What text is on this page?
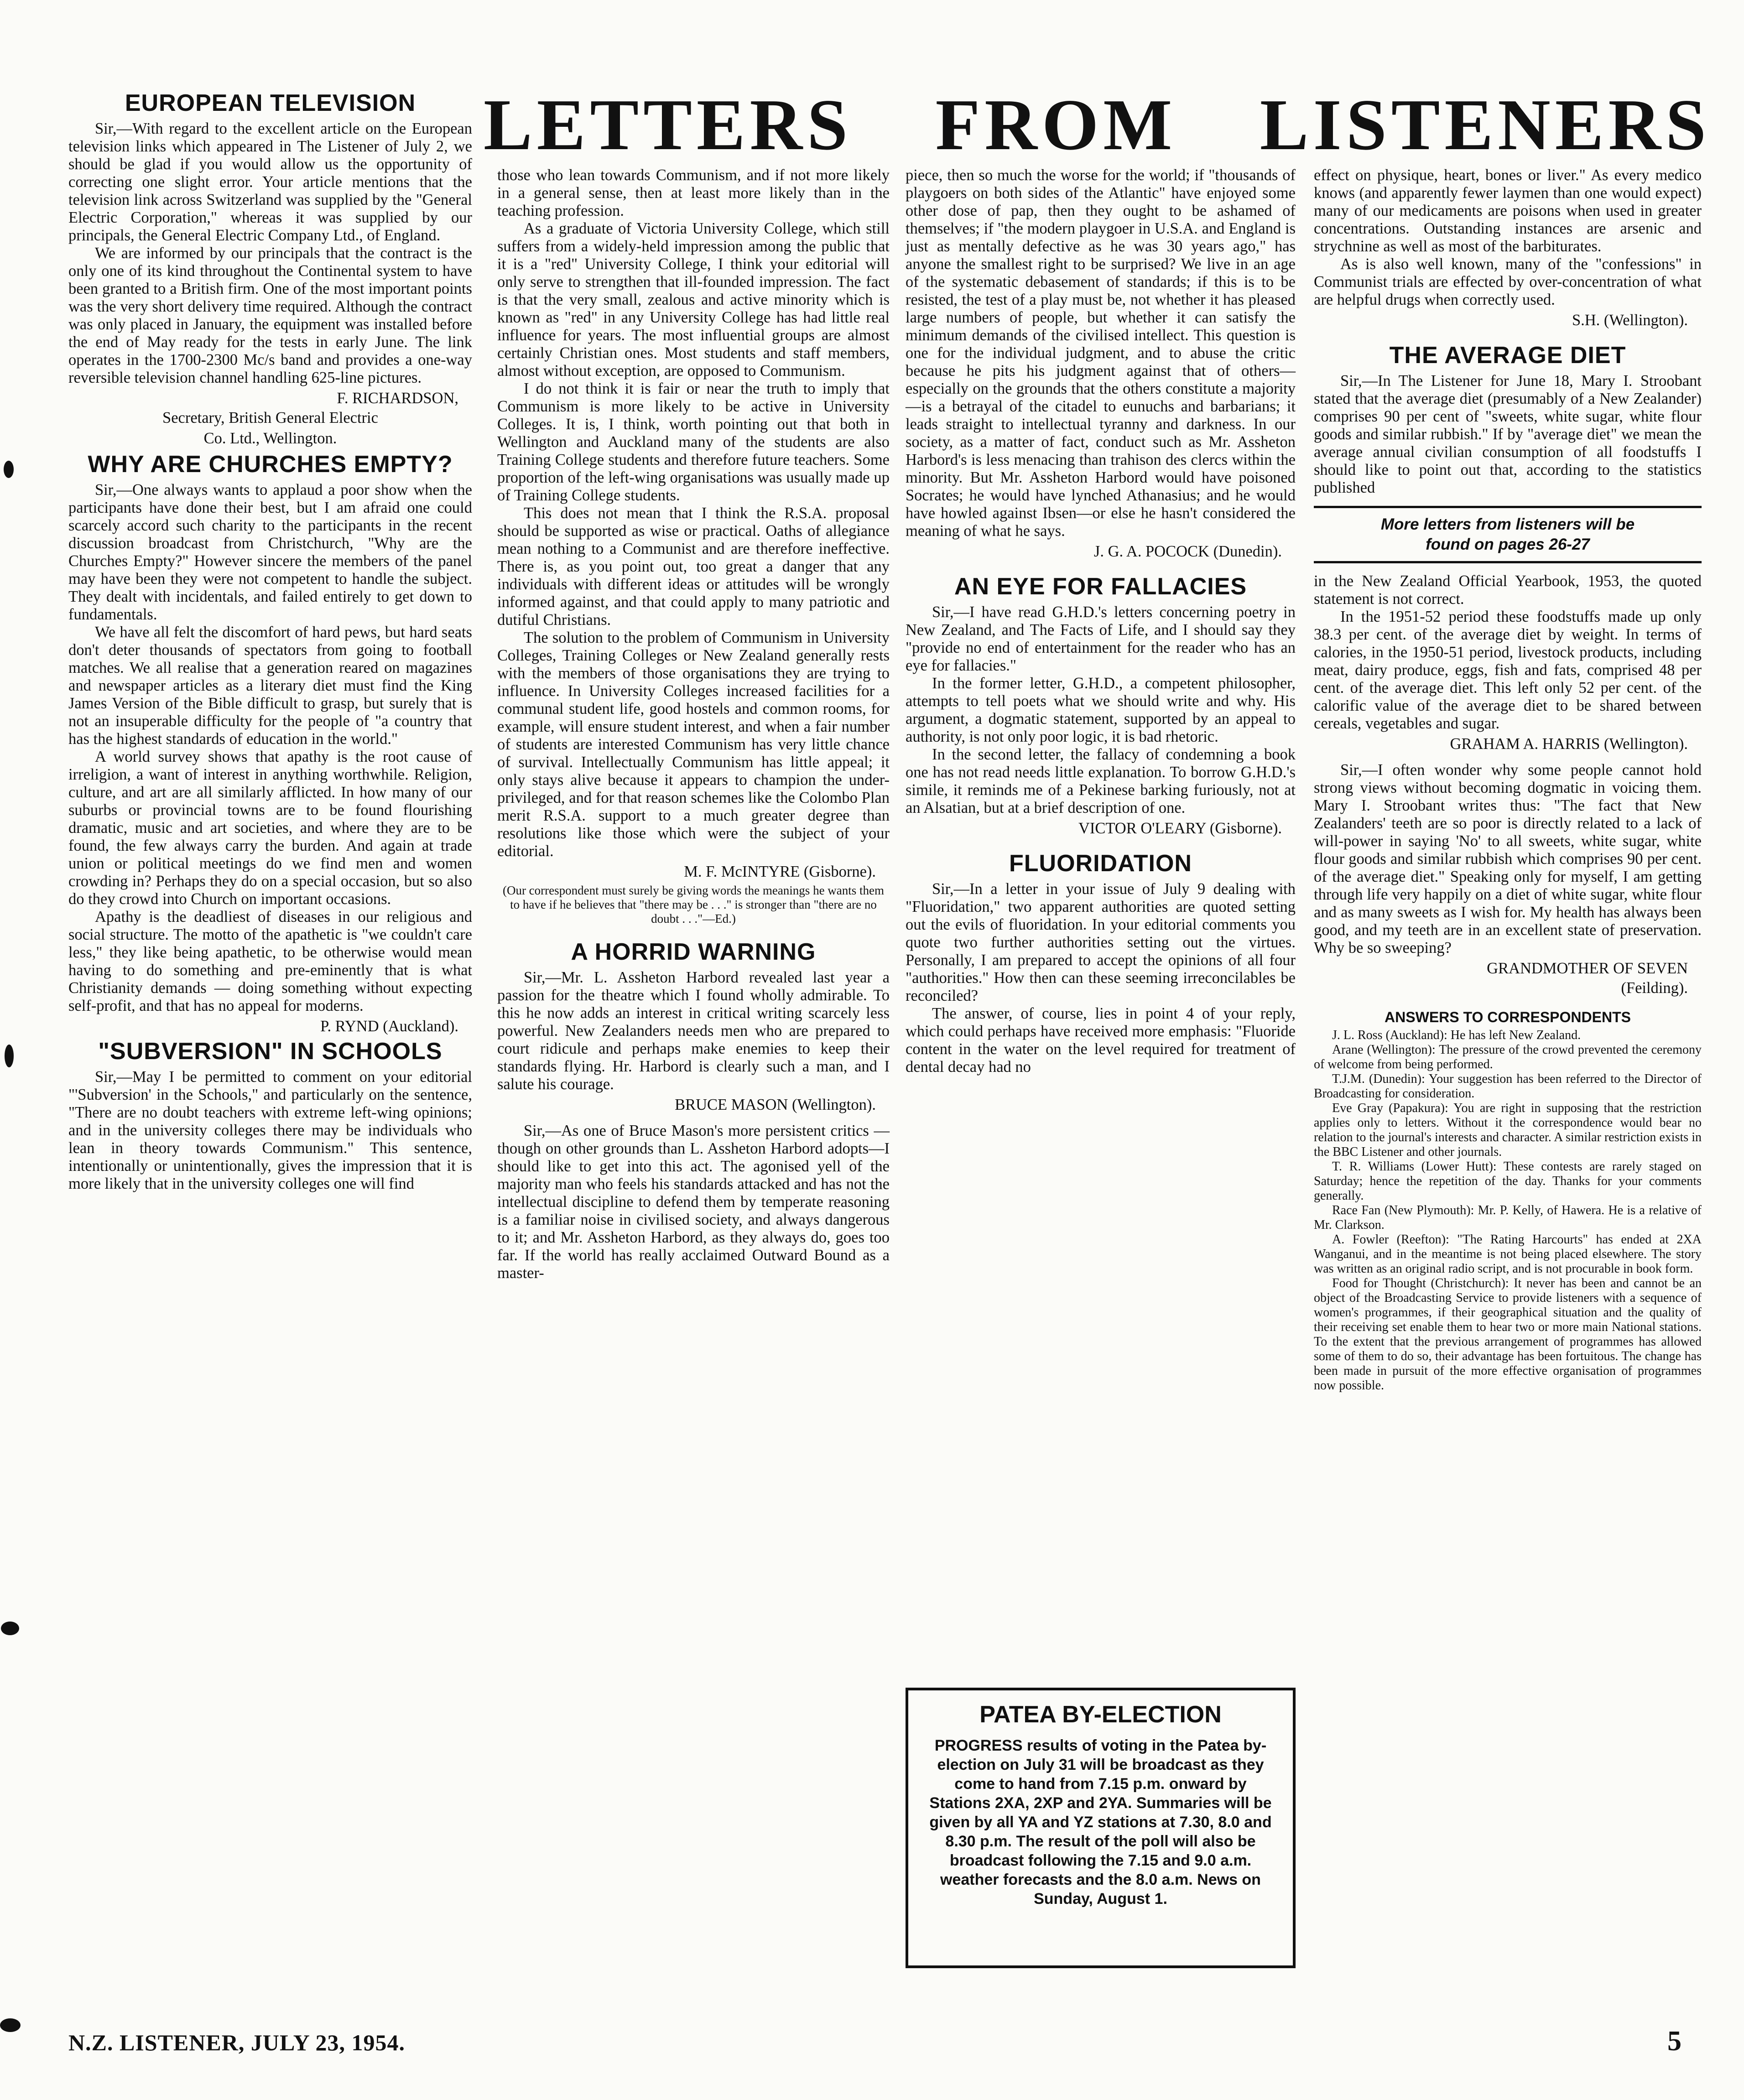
LETTERS FROM LISTENERS
EUROPEAN TELEVISION

Sir,—With regard to the excellent article on the European television links which appeared in The Listener of July 2, we should be glad if you would allow us the opportunity of correcting one slight error. Your article mentions that the television link across Switzerland was supplied by the "General Electric Corporation," whereas it was supplied by our principals, the General Electric Company Ltd., of England.

We are informed by our principals that the contract is the only one of its kind throughout the Continental system to have been granted to a British firm. One of the most important points was the very short delivery time required. Although the contract was only placed in January, the equipment was installed before the end of May ready for the tests in early June. The link operates in the 1700-2300 Mc/s band and provides a one-way reversible television channel handling 625-line pictures.

F. RICHARDSON,
Secretary, British General Electric
Co. Ltd., Wellington.
WHY ARE CHURCHES EMPTY?

Sir,—One always wants to applaud a poor show when the participants have done their best, but I am afraid one could scarcely accord such charity to the participants in the recent discussion broadcast from Christchurch, "Why are the Churches Empty?" However sincere the members of the panel may have been they were not competent to handle the subject. They dealt with incidentals, and failed entirely to get down to fundamentals.

We have all felt the discomfort of hard pews, but hard seats don't deter thousands of spectators from going to football matches. We all realise that a generation reared on magazines and newspaper articles as a literary diet must find the King James Version of the Bible difficult to grasp, but surely that is not an insuperable difficulty for the people of "a country that has the highest standards of education in the world."

A world survey shows that apathy is the root cause of irreligion, a want of interest in anything worthwhile. Religion, culture, and art are all similarly afflicted. In how many of our suburbs or provincial towns are to be found flourishing dramatic, music and art societies, and where they are to be found, the few always carry the burden. And again at trade union or political meetings do we find men and women crowding in? Perhaps they do on a special occasion, but so also do they crowd into Church on important occasions.

Apathy is the deadliest of diseases in our religious and social structure. The motto of the apathetic is "we couldn't care less," they like being apathetic, to be otherwise would mean having to do something and pre-eminently that is what Christianity demands — doing something without expecting self-profit, and that has no appeal for moderns.

P. RYND (Auckland).
"SUBVERSION" IN SCHOOLS

Sir,—May I be permitted to comment on your editorial "'Subversion' in the Schools," and particularly on the sentence, "There are no doubt teachers with extreme left-wing opinions; and in the university colleges there may be individuals who lean in theory towards Communism." This sentence, intentionally or unintentionally, gives the impression that it is more likely that in the university colleges one will find

those who lean towards Communism, and if not more likely in a general sense, then at least more likely than in the teaching profession.

As a graduate of Victoria University College, which still suffers from a widely-held impression among the public that it is a "red" University College, I think your editorial will only serve to strengthen that ill-founded impression. The fact is that the very small, zealous and active minority which is known as "red" in any University College has had little real influence for years. The most influential groups are almost certainly Christian ones. Most students and staff members, almost without exception, are opposed to Communism.

I do not think it is fair or near the truth to imply that Communism is more likely to be active in University Colleges. It is, I think, worth pointing out that both in Wellington and Auckland many of the students are also Training College students and therefore future teachers. Some proportion of the left-wing organisations was usually made up of Training College students.

This does not mean that I think the R.S.A. proposal should be supported as wise or practical. Oaths of allegiance mean nothing to a Communist and are therefore ineffective. There is, as you point out, too great a danger that any individuals with different ideas or attitudes will be wrongly informed against, and that could apply to many patriotic and dutiful Christians.

The solution to the problem of Communism in University Colleges, Training Colleges or New Zealand generally rests with the members of those organisations they are trying to influence. In University Colleges increased facilities for a communal student life, good hostels and common rooms, for example, will ensure student interest, and when a fair number of students are interested Communism has very little chance of survival. Intellectually Communism has little appeal; it only stays alive because it appears to champion the under-privileged, and for that reason schemes like the Colombo Plan merit R.S.A. support to a much greater degree than resolutions like those which were the subject of your editorial.

M. F. McINTYRE (Gisborne).
(Our correspondent must surely be giving words the meanings he wants them to have if he believes that "there may be . . ." is stronger than "there are no doubt . . ."—Ed.)
A HORRID WARNING

Sir,—Mr. L. Assheton Harbord revealed last year a passion for the theatre which I found wholly admirable. To this he now adds an interest in critical writing scarcely less powerful. New Zealanders needs men who are prepared to court ridicule and perhaps make enemies to keep their standards flying. Hr. Harbord is clearly such a man, and I salute his courage.

BRUCE MASON (Wellington).

Sir,—As one of Bruce Mason's more persistent critics — though on other grounds than L. Assheton Harbord adopts—I should like to get into this act. The agonised yell of the majority man who feels his standards attacked and has not the intellectual discipline to defend them by temperate reasoning is a familiar noise in civilised society, and always dangerous to it; and Mr. Assheton Harbord, as they always do, goes too far. If the world has really acclaimed Outward Bound as a master-

piece, then so much the worse for the world; if "thousands of playgoers on both sides of the Atlantic" have enjoyed some other dose of pap, then they ought to be ashamed of themselves; if "the modern playgoer in U.S.A. and England is just as mentally defective as he was 30 years ago," has anyone the smallest right to be surprised? We live in an age of the systematic debasement of standards; if this is to be resisted, the test of a play must be, not whether it has pleased large numbers of people, but whether it can satisfy the minimum demands of the civilised intellect. This question is one for the individual judgment, and to abuse the critic because he pits his judgment against that of others—especially on the grounds that the others constitute a majority—is a betrayal of the citadel to eunuchs and barbarians; it leads straight to intellectual tyranny and darkness. In our society, as a matter of fact, conduct such as Mr. Assheton Harbord's is less menacing than trahison des clercs within the minority. But Mr. Assheton Harbord would have poisoned Socrates; he would have lynched Athanasius; and he would have howled against Ibsen—or else he hasn't considered the meaning of what he says.

J. G. A. POCOCK (Dunedin).
AN EYE FOR FALLACIES

Sir,—I have read G.H.D.'s letters concerning poetry in New Zealand, and The Facts of Life, and I should say they "provide no end of entertainment for the reader who has an eye for fallacies."

In the former letter, G.H.D., a competent philosopher, attempts to tell poets what we should write and why. His argument, a dogmatic statement, supported by an appeal to authority, is not only poor logic, it is bad rhetoric.

In the second letter, the fallacy of condemning a book one has not read needs little explanation. To borrow G.H.D.'s simile, it reminds me of a Pekinese barking furiously, not at an Alsatian, but at a brief description of one.

VICTOR O'LEARY (Gisborne).
FLUORIDATION

Sir,—In a letter in your issue of July 9 dealing with "Fluoridation," two apparent authorities are quoted setting out the evils of fluoridation. In your editorial comments you quote two further authorities setting out the virtues. Personally, I am prepared to accept the opinions of all four "authorities." How then can these seeming irreconcilables be reconciled?

The answer, of course, lies in point 4 of your reply, which could perhaps have received more emphasis: "Fluoride content in the water on the level required for treatment of dental decay had no

PATEA BY-ELECTION
PROGRESS results of voting in the Patea by-election on July 31 will be broadcast as they come to hand from 7.15 p.m. onward by Stations 2XA, 2XP and 2YA. Summaries will be given by all YA and YZ stations at 7.30, 8.0 and 8.30 p.m. The result of the poll will also be broadcast following the 7.15 and 9.0 a.m. weather forecasts and the 8.0 a.m. News on Sunday, August 1.

effect on physique, heart, bones or liver." As every medico knows (and apparently fewer laymen than one would expect) many of our medicaments are poisons when used in greater concentrations. Outstanding instances are arsenic and strychnine as well as most of the barbiturates.

As is also well known, many of the "confessions" in Communist trials are effected by over-concentration of what are helpful drugs when correctly used.

S.H. (Wellington).
THE AVERAGE DIET

Sir,—In The Listener for June 18, Mary I. Stroobant stated that the average diet (presumably of a New Zealander) comprises 90 per cent of "sweets, white sugar, white flour goods and similar rubbish." If by "average diet" we mean the average annual civilian consumption of all foodstuffs I should like to point out that, according to the statistics published

More letters from listeners will be
found on pages 26-27

in the New Zealand Official Yearbook, 1953, the quoted statement is not correct.

In the 1951-52 period these foodstuffs made up only 38.3 per cent. of the average diet by weight. In terms of calories, in the 1950-51 period, livestock products, including meat, dairy produce, eggs, fish and fats, comprised 48 per cent. of the average diet. This left only 52 per cent. of the calorific value of the average diet to be shared between cereals, vegetables and sugar.

GRAHAM A. HARRIS (Wellington).

Sir,—I often wonder why some people cannot hold strong views without becoming dogmatic in voicing them. Mary I. Stroobant writes thus: "The fact that New Zealanders' teeth are so poor is directly related to a lack of will-power in saying 'No' to all sweets, white sugar, white flour goods and similar rubbish which comprises 90 per cent. of the average diet." Speaking only for myself, I am getting through life very happily on a diet of white sugar, white flour and as many sweets as I wish for. My health has always been good, and my teeth are in an excellent state of preservation. Why be so sweeping?

GRANDMOTHER OF SEVEN
(Feilding).
ANSWERS TO CORRESPONDENTS

J. L. Ross (Auckland): He has left New Zealand.

Arane (Wellington): The pressure of the crowd prevented the ceremony of welcome from being performed.

T.J.M. (Dunedin): Your suggestion has been referred to the Director of Broadcasting for consideration.

Eve Gray (Papakura): You are right in supposing that the restriction applies only to letters. Without it the correspondence would bear no relation to the journal's interests and character. A similar restriction exists in the BBC Listener and other journals.

T. R. Williams (Lower Hutt): These contests are rarely staged on Saturday; hence the repetition of the day. Thanks for your comments generally.

Race Fan (New Plymouth): Mr. P. Kelly, of Hawera. He is a relative of Mr. Clarkson.

A. Fowler (Reefton): "The Rating Harcourts" has ended at 2XA Wanganui, and in the meantime is not being placed elsewhere. The story was written as an original radio script, and is not procurable in book form.

Food for Thought (Christchurch): It never has been and cannot be an object of the Broadcasting Service to provide listeners with a sequence of women's programmes, if their geographical situation and the quality of their receiving set enable them to hear two or more main National stations. To the extent that the previous arrangement of programmes has allowed some of them to do so, their advantage has been fortuitous. The change has been made in pursuit of the more effective organisation of programmes now possible.

N.Z. LISTENER, JULY 23, 1954.	5
